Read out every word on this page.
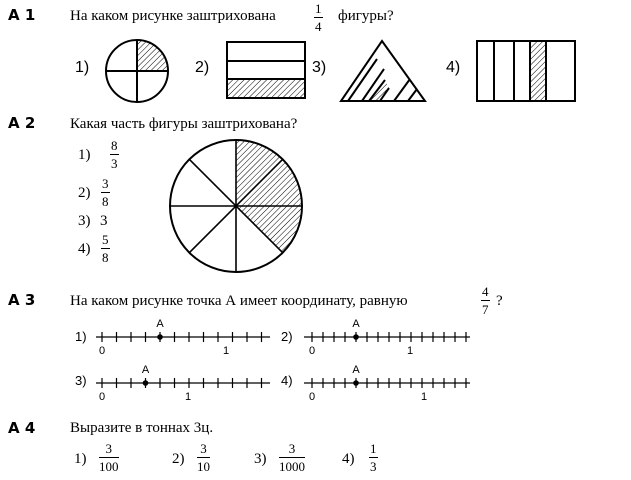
А 1 На каком рисунке заштрихована	$\frac{1}{4}$ фигуры?
1)	2)	3)	4)
А 2 Какая часть фигуры заштрихована?
$1) \frac{8}{3}$
$2) \frac{3}{8}$
3) 3
$4) \frac{5}{8}$
А 3 На каком рисунке точка А имеет координату, равную	$\frac{4}{7}$ ?
1)
А
0	1
2)
А
0	1
3)
А
0	1
4)
А
0	1
А 4 Выразите в тоннах 3ц.
$1) \frac{3}{100}$	$2) \frac{3}{10}$	$3) \frac{3}{1000} 4) \frac{1}{3}$
